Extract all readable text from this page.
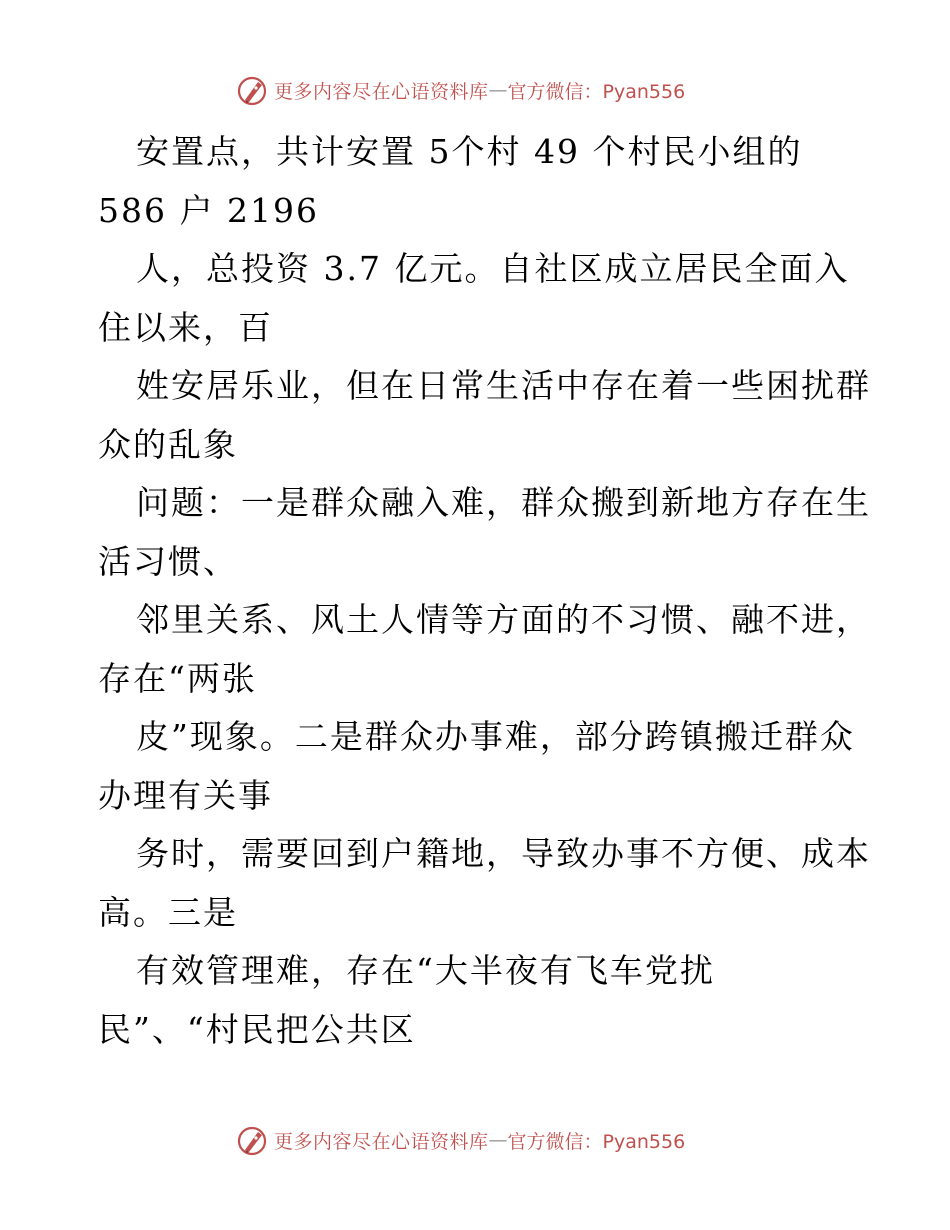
更多内容尽在心语资料库 — 官方微信：Pyan556
安置点，共计安置 5个村 49 个村民小组的
586 户 2196
人，总投资 3.7 亿元。自社区成立居民全面入
住以来，百
姓安居乐业，但在日常生活中存在着一些困扰群
众的乱象
问题：一是群众融入难，群众搬到新地方存在生
活习惯、
邻里关系、风土人情等方面的不习惯、融不进，
存在“两张
皮”现象。二是群众办事难，部分跨镇搬迁群众
办理有关事
务时，需要回到户籍地，导致办事不方便、成本
高。三是
有效管理难，存在“大半夜有飞车党扰
民”、“村民把公共区
更多内容尽在心语资料库 — 官方微信：Pyan556
